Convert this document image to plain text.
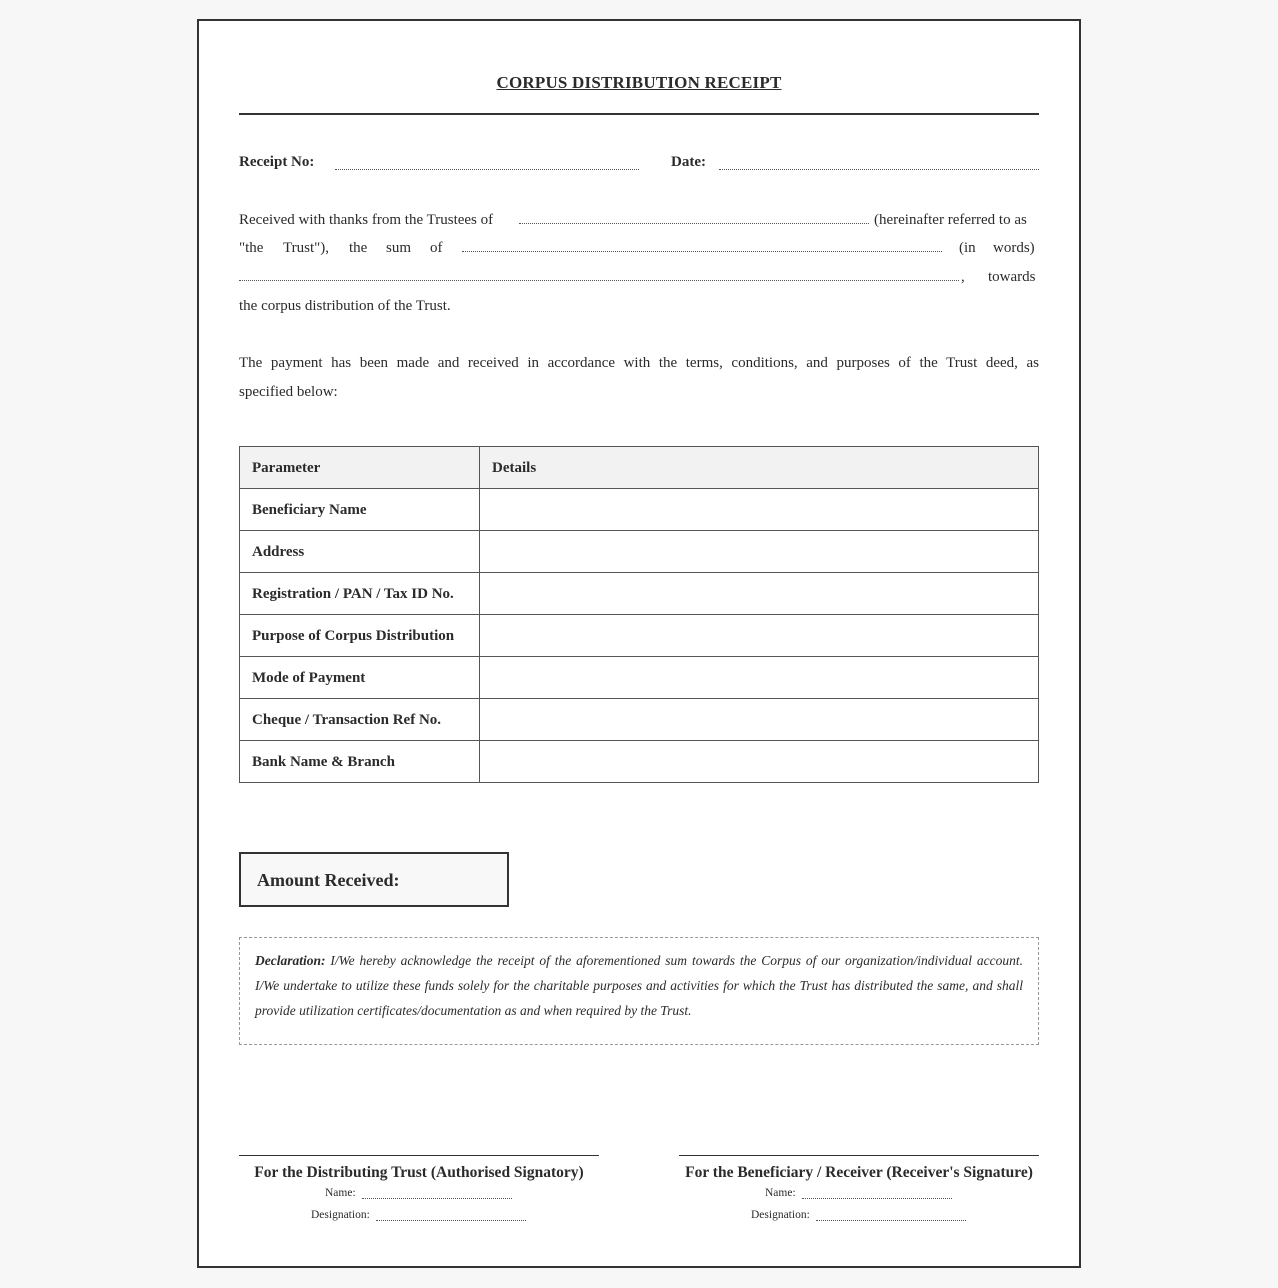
CORPUS DISTRIBUTION RECEIPT
Receipt No:	Date:
Received with thanks from the Trustees of	(hereinafter referred to as
"the Trust"), the sum of	(in words)
, towards
the corpus distribution of the Trust.
The payment has been made and received in accordance with the terms, conditions, and purposes of the Trust deed, as
specified below:
Parameter	Details
Beneficiary Name	
Address	
Registration / PAN / Tax ID No.	
Purpose of Corpus Distribution	
Mode of Payment	
Cheque / Transaction Ref No.	
Bank Name & Branch	
Amount Received:
Declaration: I/We hereby acknowledge the receipt of the aforementioned sum towards the Corpus of our organization/individual account. I/We undertake to utilize these funds solely for the charitable purposes and activities for which the Trust has distributed the same, and shall provide utilization certificates/documentation as and when required by the Trust.
For the Distributing Trust (Authorised Signatory)
Name:
Designation:
For the Beneficiary / Receiver (Receiver's Signature)
Name:
Designation:
